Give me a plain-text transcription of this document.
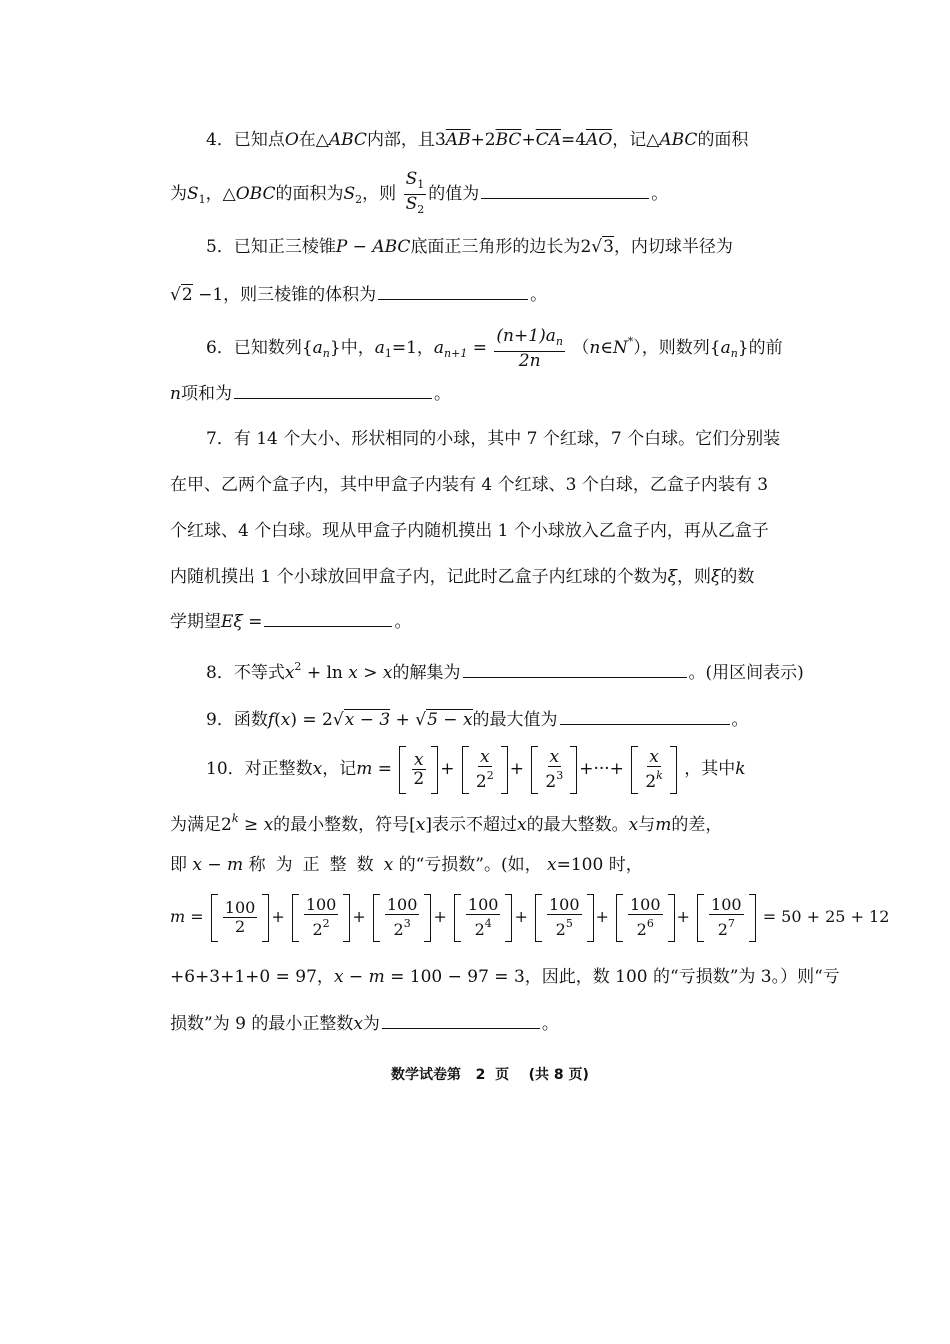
4．已知点O在△ABC内部，且$3\overline{AB}+2\overline{BC}+\overline{CA}=4\overline{AO}$，记△ABC的面积
为$S_1$，△OBC的面积为$S_2$，则 $\frac{S_1}{S_2}$ 的值为	。
5．已知正三棱锥P − ABC底面正三角形的边长为2√3，内切球半径为
√2 −1，则三棱锥的体积为	。
6．已知数列$\{a_n\}$中，$a_1=1$，$a_{n+1} = \frac{(n+1)a_n}{2n}$ （n∈N*），则数列$\{a_n\}$的前
n项和为	。
7．有 14 个大小、形状相同的小球，其中 7 个红球，7 个白球。它们分别装
在甲、乙两个盒子内，其中甲盒子内装有 4 个红球、3 个白球，乙盒子内装有 3
个红球、4 个白球。现从甲盒子内随机摸出 1 个小球放入乙盒子内，再从乙盒子
内随机摸出 1 个小球放回甲盒子内，记此时乙盒子内红球的个数为ξ，则ξ的数
学期望Eξ =	。
8．不等式$x^2 + \ln x > x$的解集为	。(用区间表示)
9．函数f(x) = 2√x − 3 + √5 − x的最大值为	。
10．对正整数x，记$m = \frac{x}{2} + \frac{x}{2^2} + \frac{x}{2^3}$ +···+ $\frac{x}{2^k}$ ，其中k
为满足$2^k \ge x$的最小整数，符号[x]表示不超过x的最大整数。x与m的差，
即 x − m 称为正整数x 的“亏损数”。(如， x=100 时，
$m = \frac{100}{2} + \frac{100}{2^2} + \frac{100}{2^3} + \frac{100}{2^4} + \frac{100}{2^5} + \frac{100}{2^6} + \frac{100}{2^7} = 50 + 25 + 12$
+6+3+1+0 = 97，x − m = 100 − 97 = 3，因此，数 100 的“亏损数”为 3。）则“亏
损数”为 9 的最小正整数x为	。
数学试卷第   2  页    (共 8 页)
